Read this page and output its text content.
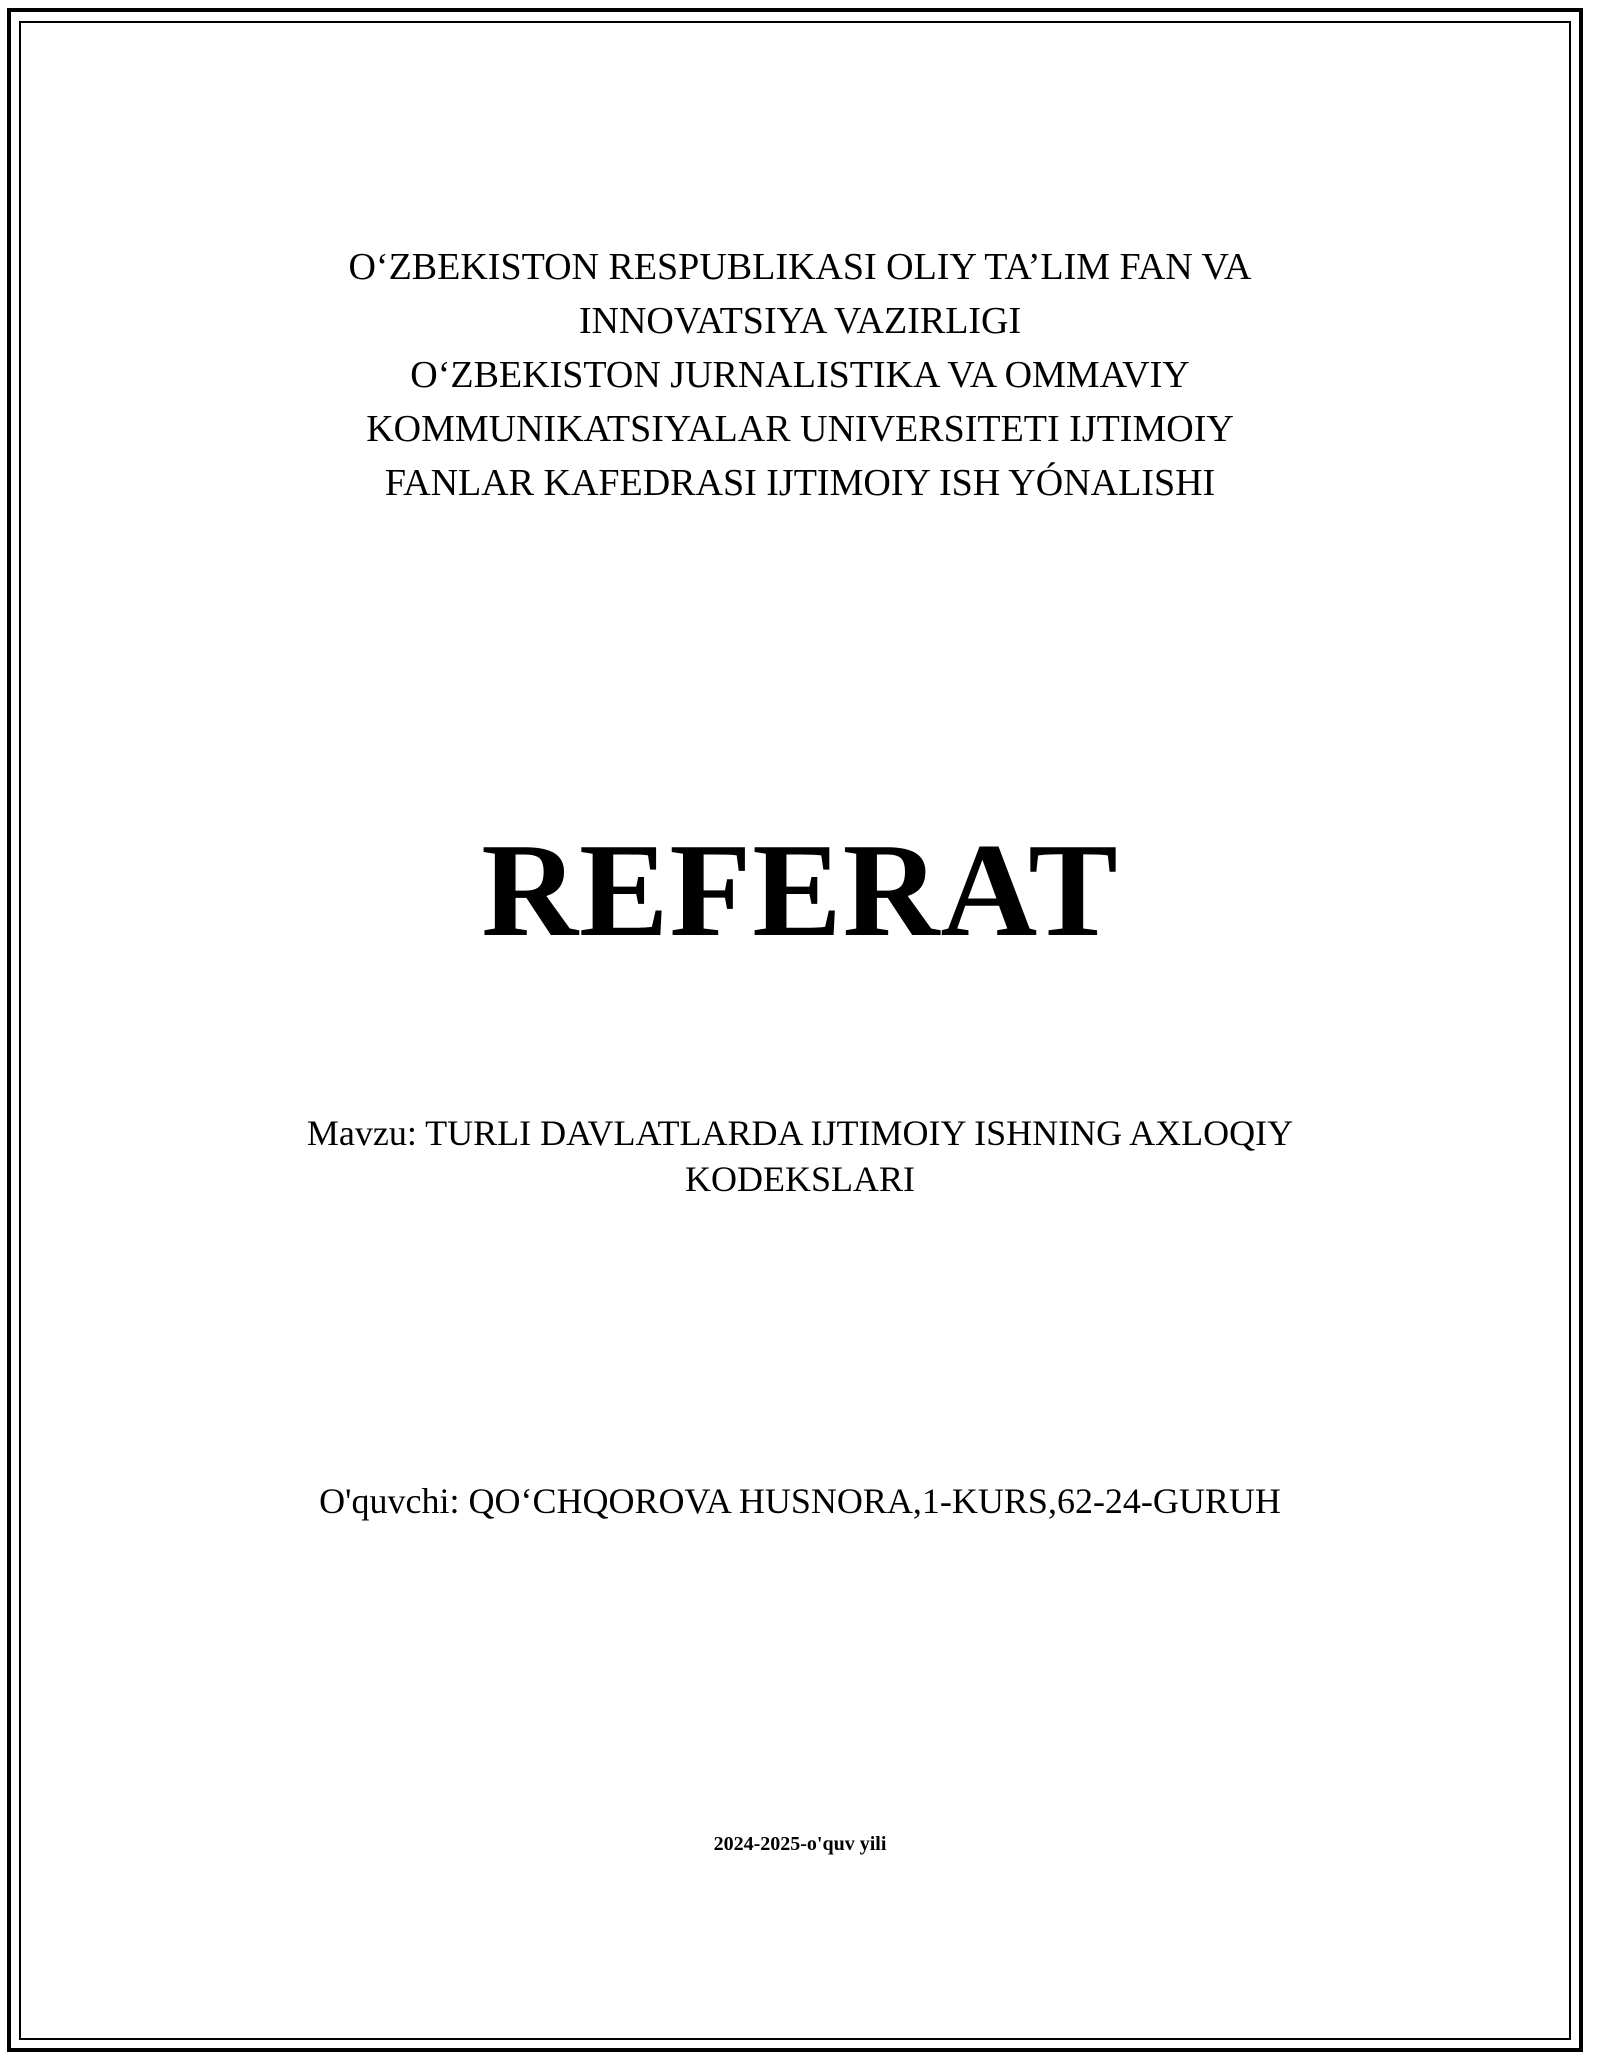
O‘ZBEKISTON RESPUBLIKASI OLIY TA’LIM FAN VA
INNOVATSIYA VAZIRLIGI
O‘ZBEKISTON JURNALISTIKA VA OMMAVIY
KOMMUNIKATSIYALAR UNIVERSITETI IJTIMOIY
FANLAR KAFEDRASI IJTIMOIY ISH YÓNALISHI
REFERAT
Mavzu: TURLI DAVLATLARDA IJTIMOIY ISHNING AXLOQIY
KODEKSLARI
O'quvchi: QO‘CHQOROVA HUSNORA,1-KURS,62-24-GURUH
2024-2025-o'quv yili
